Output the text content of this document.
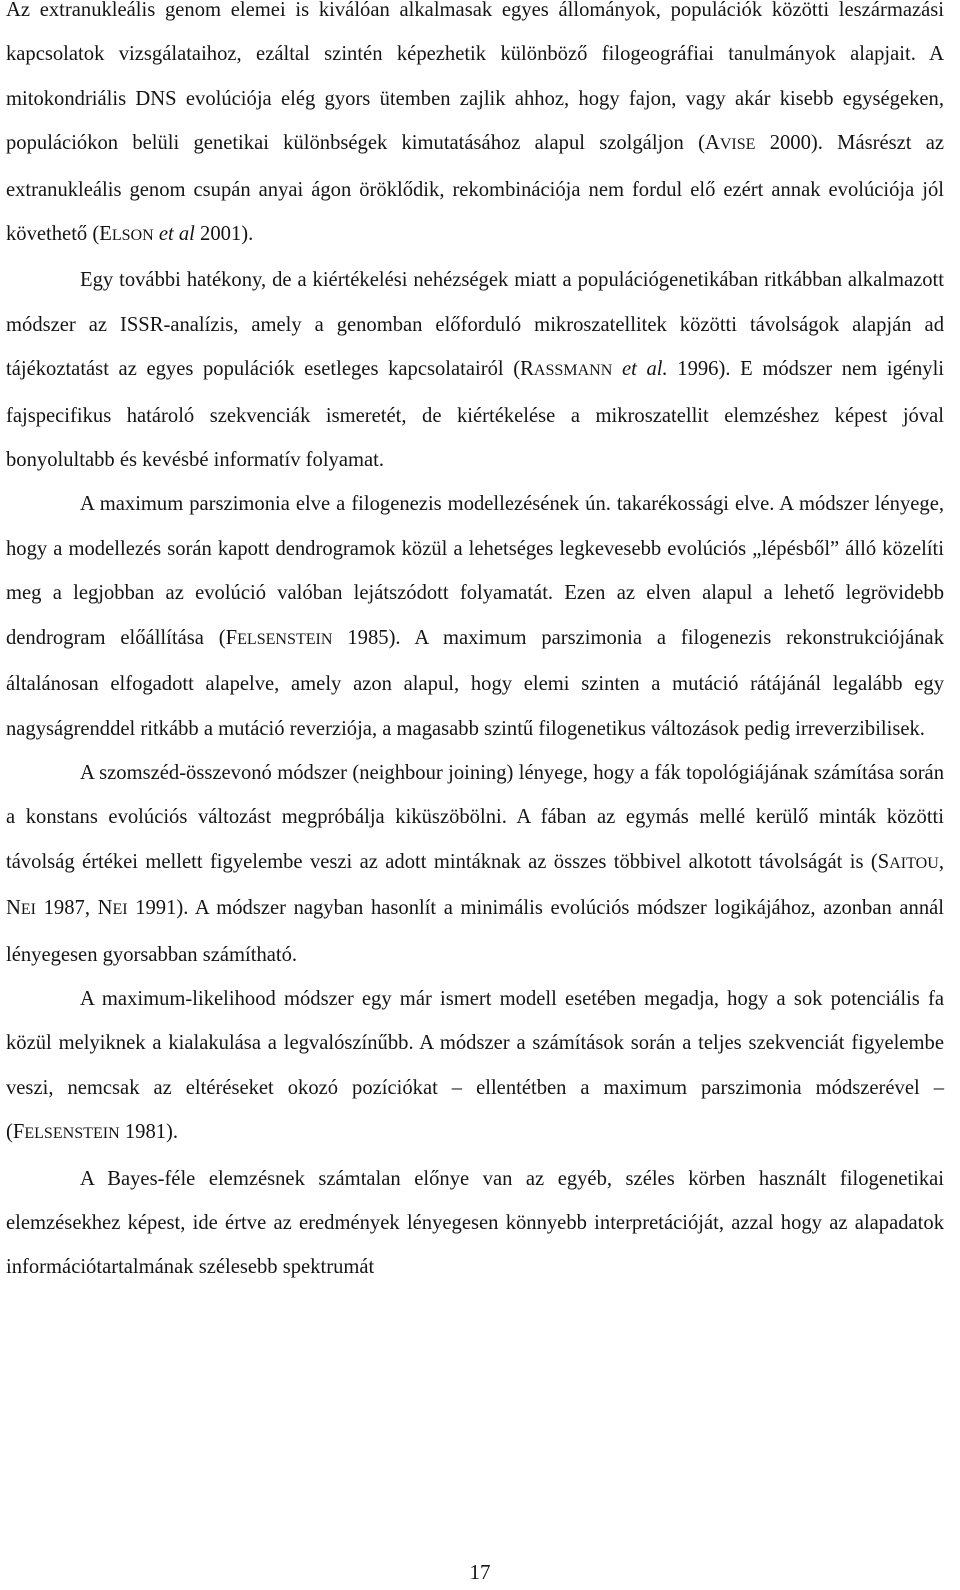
Az extranukleális genom elemei is kiválóan alkalmasak egyes állományok, populációk közötti leszármazási kapcsolatok vizsgálataihoz, ezáltal szintén képezhetik különböző filogeográfiai tanulmányok alapjait. A mitokondriális DNS evolúciója elég gyors ütemben zajlik ahhoz, hogy fajon, vagy akár kisebb egységeken, populációkon belüli genetikai különbségek kimutatásához alapul szolgáljon (AVISE 2000). Másrészt az extranukleális genom csupán anyai ágon öröklődik, rekombinációja nem fordul elő ezért annak evolúciója jól követhető (ELSON et al 2001).

Egy további hatékony, de a kiértékelési nehézségek miatt a populációgenetikában ritkábban alkalmazott módszer az ISSR-analízis, amely a genomban előforduló mikroszatellitek közötti távolságok alapján ad tájékoztatást az egyes populációk esetleges kapcsolatairól (RASSMANN et al. 1996). E módszer nem igényli fajspecifikus határoló szekvenciák ismeretét, de kiértékelése a mikroszatellit elemzéshez képest jóval bonyolultabb és kevésbé informatív folyamat.

A maximum parszimonia elve a filogenezis modellezésének ún. takarékossági elve. A módszer lényege, hogy a modellezés során kapott dendrogramok közül a lehetséges legkevesebb evolúciós „lépésből” álló közelíti meg a legjobban az evolúció valóban lejátszódott folyamatát. Ezen az elven alapul a lehető legrövidebb dendrogram előállítása (FELSENSTEIN 1985). A maximum parszimonia a filogenezis rekonstrukciójának általánosan elfogadott alapelve, amely azon alapul, hogy elemi szinten a mutáció rátájánál legalább egy nagyságrenddel ritkább a mutáció reverziója, a magasabb szintű filogenetikus változások pedig irreverzibilisek.

A szomszéd-összevonó módszer (neighbour joining) lényege, hogy a fák topológiájának számítása során a konstans evolúciós változást megpróbálja kiküszöbölni. A fában az egymás mellé kerülő minták közötti távolság értékei mellett figyelembe veszi az adott mintáknak az összes többivel alkotott távolságát is (SAITOU, NEI 1987, NEI 1991). A módszer nagyban hasonlít a minimális evolúciós módszer logikájához, azonban annál lényegesen gyorsabban számítható.

A maximum-likelihood módszer egy már ismert modell esetében megadja, hogy a sok potenciális fa közül melyiknek a kialakulása a legvalószínűbb. A módszer a számítások során a teljes szekvenciát figyelembe veszi, nemcsak az eltéréseket okozó pozíciókat – ellentétben a maximum parszimonia módszerével – (FELSENSTEIN 1981).

A Bayes-féle elemzésnek számtalan előnye van az egyéb, széles körben használt filogenetikai elemzésekhez képest, ide értve az eredmények lényegesen könnyebb interpretációját, azzal hogy az alapadatok információtartalmának szélesebb spektrumát

17
